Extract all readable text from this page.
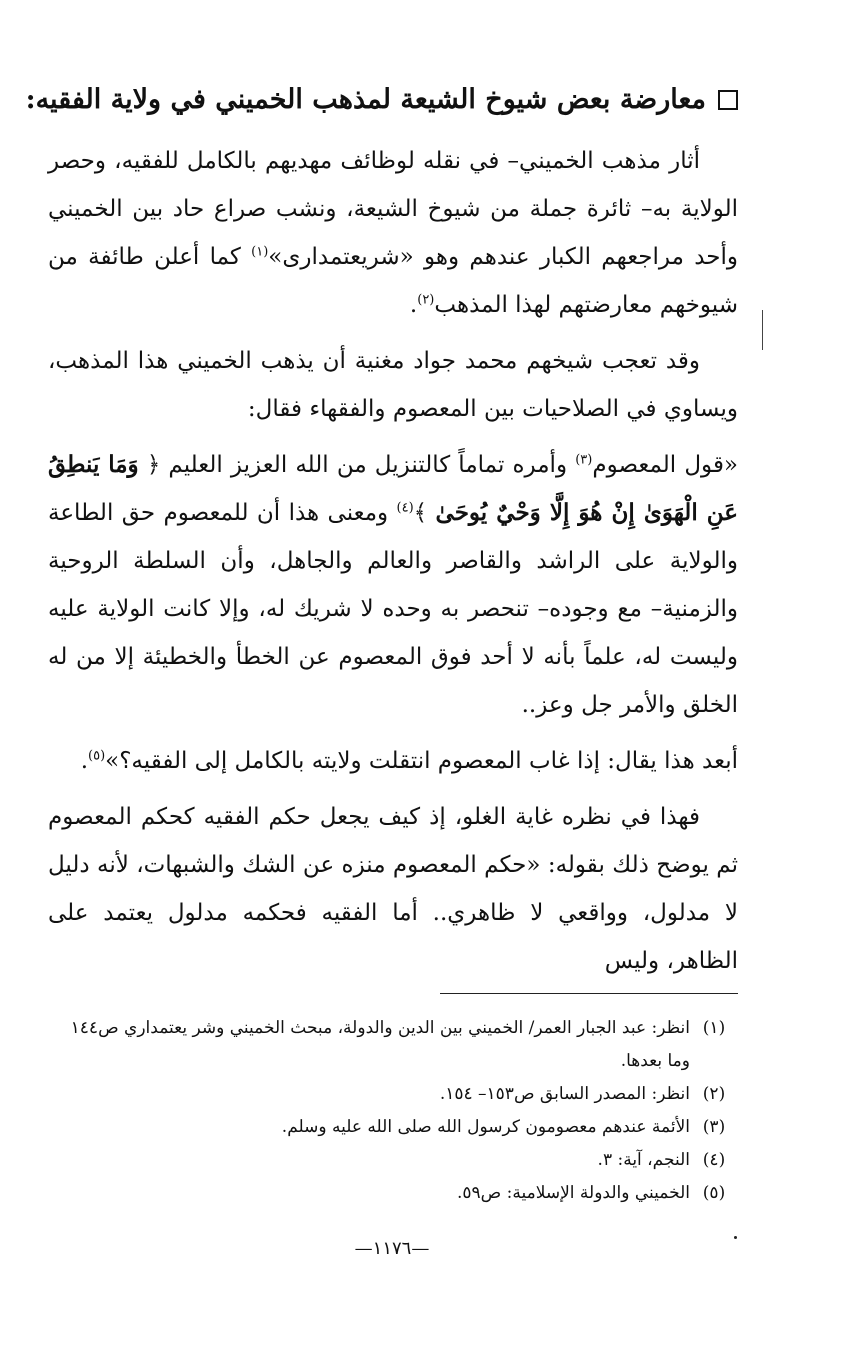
معارضة بعض شيوخ الشيعة لمذهب الخميني في ولاية الفقيه:

أثار مذهب الخميني– في نقله لوظائف مهديهم بالكامل للفقيه، وحصر الولاية به– ثائرة جملة من شيوخ الشيعة، ونشب صراع حاد بين الخميني وأحد مراجعهم الكبار عندهم وهو «شريعتمدارى»$^{(١)}$ كما أعلن طائفة من شيوخهم معارضتهم لهذا المذهب$^{(٢)}$.

وقد تعجب شيخهم محمد جواد مغنية أن يذهب الخميني هذا المذهب، ويساوي في الصلاحيات بين المعصوم والفقهاء فقال:

«قول المعصوم$^{(٣)}$ وأمره تماماً كالتنزيل من الله العزيز العليم ﴿ وَمَا يَنطِقُ عَنِ الْهَوَىٰ إِنْ هُوَ إِلَّا وَحْيٌ يُوحَىٰ ﴾$^{(٤)}$ ومعنى هذا أن للمعصوم حق الطاعة والولاية على الراشد والقاصر والعالم والجاهل، وأن السلطة الروحية والزمنية– مع وجوده– تنحصر به وحده لا شريك له، وإلا كانت الولاية عليه وليست له، علماً بأنه لا أحد فوق المعصوم عن الخطأ والخطيئة إلا من له الخلق والأمر جل وعز..

أبعد هذا يقال: إذا غاب المعصوم انتقلت ولايته بالكامل إلى الفقيه؟»$^{(٥)}$.

فهذا في نظره غاية الغلو، إذ كيف يجعل حكم الفقيه كحكم المعصوم ثم يوضح ذلك بقوله: «حكم المعصوم منزه عن الشك والشبهات، لأنه دليل لا مدلول، وواقعي لا ظاهري.. أما الفقيه فحكمه مدلول يعتمد على الظاهر، وليس

(١)
انظر: عبد الجبار العمر/ الخميني بين الدين والدولة، مبحث الخميني وشر يعتمداري ص١٤٤ وما بعدها.
(٢)
انظر: المصدر السابق ص١٥٣– ١٥٤.
(٣)
الأئمة عندهم معصومون كرسول الله صلى الله عليه وسلم.
(٤)
النجم، آية: ٣.
(٥)
الخميني والدولة الإسلامية: ص٥٩.
—١١٧٦—
